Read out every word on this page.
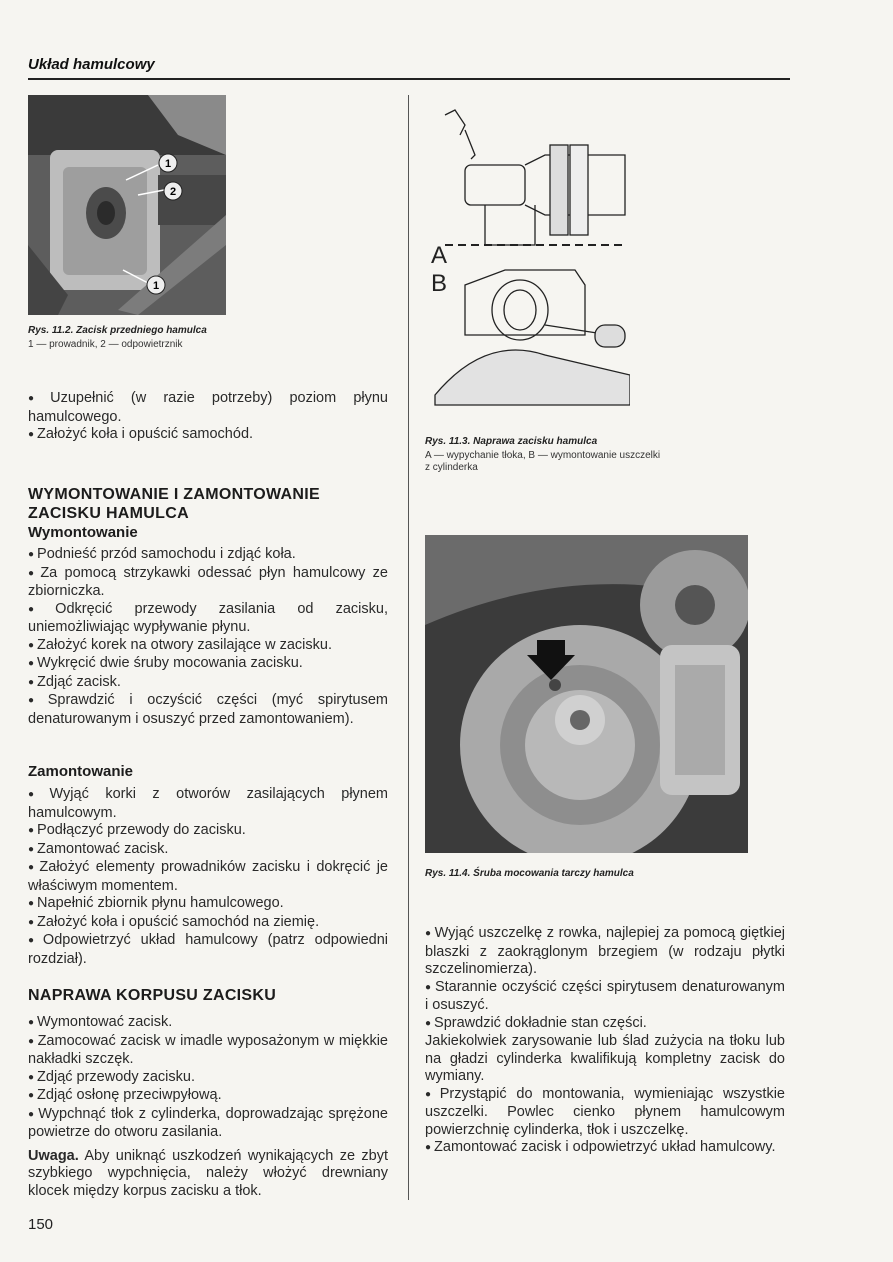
Układ hamulcowy
1
2
1
Rys. 11.2. Zacisk przedniego hamulca
1 — prowadnik, 2 — odpowietrznik
A
B
Rys. 11.3. Naprawa zacisku hamulca
A — wypychanie tłoka, B — wymontowanie uszczelki
z cylinderka
Rys. 11.4. Śruba mocowania tarczy hamulca

● Uzupełnić (w razie potrzeby) poziom płynu hamulcowego.

● Założyć koła i opuścić samochód.

WYMONTOWANIE I ZAMONTOWANIE ZACISKU HAMULCA
Wymontowanie

● Podnieść przód samochodu i zdjąć koła.

● Za pomocą strzykawki odessać płyn hamulcowy ze zbiorniczka.

● Odkręcić przewody zasilania od zacisku, uniemożliwiając wypływanie płynu.

● Założyć korek na otwory zasilające w zacisku.

● Wykręcić dwie śruby mocowania zacisku.

● Zdjąć zacisk.

● Sprawdzić i oczyścić części (myć spirytusem denaturowanym i osuszyć przed zamontowaniem).

Zamontowanie

● Wyjąć korki z otworów zasilających płynem hamulcowym.

● Podłączyć przewody do zacisku.

● Zamontować zacisk.

● Założyć elementy prowadników zacisku i dokręcić je właściwym momentem.

● Napełnić zbiornik płynu hamulcowego.

● Założyć koła i opuścić samochód na ziemię.

● Odpowietrzyć układ hamulcowy (patrz odpowiedni rozdział).

NAPRAWA KORPUSU ZACISKU

● Wymontować zacisk.

● Zamocować zacisk w imadle wyposażonym w miękkie nakładki szczęk.

● Zdjąć przewody zacisku.

● Zdjąć osłonę przeciwpyłową.

● Wypchnąć tłok z cylinderka, doprowadzając sprężone powietrze do otworu zasilania.

Uwaga. Aby uniknąć uszkodzeń wynikających ze zbyt szybkiego wypchnięcia, należy włożyć drewniany klocek między korpus zacisku a tłok.

● Wyjąć uszczelkę z rowka, najlepiej za pomocą giętkiej blaszki z zaokrąglonym brzegiem (w rodzaju płytki szczelinomierza).

● Starannie oczyścić części spirytusem denaturowanym i osuszyć.

● Sprawdzić dokładnie stan części.

Jakiekolwiek zarysowanie lub ślad zużycia na tłoku lub na gładzi cylinderka kwalifikują kompletny zacisk do wymiany.

● Przystąpić do montowania, wymieniając wszystkie uszczelki. Powlec cienko płynem hamulcowym powierzchnię cylinderka, tłok i uszczelkę.

● Zamontować zacisk i odpowietrzyć układ hamulcowy.

150
